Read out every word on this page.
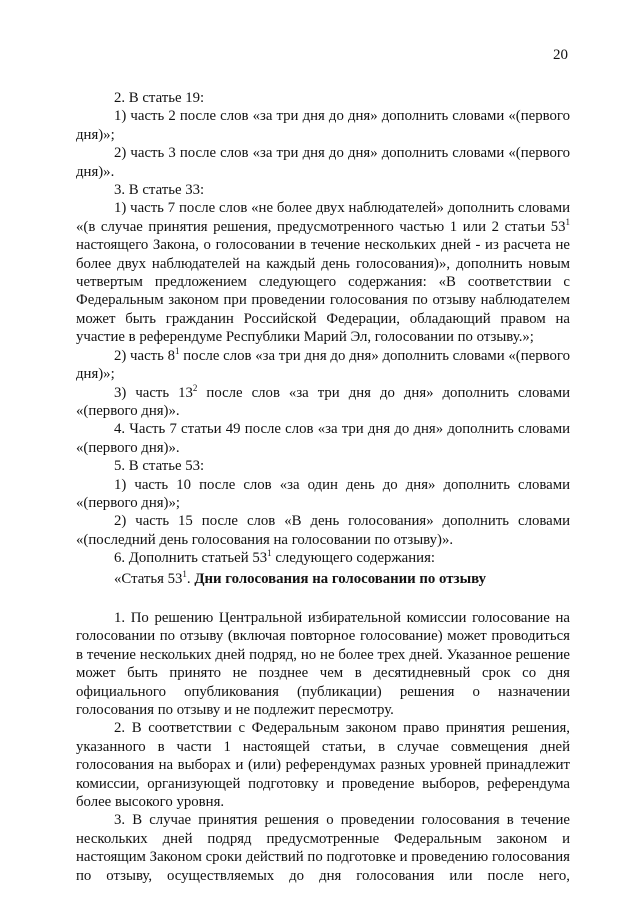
20
2. В статье 19:
1) часть 2 после слов «за три дня до дня» дополнить словами «(первого дня)»;
2) часть 3 после слов «за три дня до дня» дополнить словами «(первого дня)».
3. В статье 33:
1) часть 7 после слов «не более двух наблюдателей» дополнить словами «(в случае принятия решения, предусмотренного частью 1 или 2 статьи $53^1$ настоящего Закона, о голосовании в течение нескольких дней - из расчета не более двух наблюдателей на каждый день голосования)», дополнить новым четвертым предложением следующего содержания: «В соответствии с Федеральным законом при проведении голосования по отзыву наблюдателем может быть гражданин Российской Федерации, обладающий правом на участие в референдуме Республики Марий Эл, голосовании по отзыву.»;
2) часть $8^1$ после слов «за три дня до дня» дополнить словами «(первого дня)»;
3) часть $13^2$ после слов «за три дня до дня» дополнить словами «(первого дня)».
4. Часть 7 статьи 49 после слов «за три дня до дня» дополнить словами «(первого дня)».
5. В статье 53:
1) часть 10 после слов «за один день до дня» дополнить словами «(первого дня)»;
2) часть 15 после слов «В день голосования» дополнить словами «(последний день голосования на голосовании по отзыву)».
6. Дополнить статьей $53^1$ следующего содержания:
«Статья $53^1$. Дни голосования на голосовании по отзыву
1. По решению Центральной избирательной комиссии голосование на голосовании по отзыву (включая повторное голосование) может проводиться в течение нескольких дней подряд, но не более трех дней. Указанное решение может быть принято не позднее чем в десятидневный срок со дня официального опубликования (публикации) решения о назначении голосования по отзыву и не подлежит пересмотру.
2. В соответствии с Федеральным законом право принятия решения, указанного в части 1 настоящей статьи, в случае совмещения дней голосования на выборах и (или) референдумах разных уровней принадлежит комиссии, организующей подготовку и проведение выборов, референдума более высокого уровня.
3. В случае принятия решения о проведении голосования в течение нескольких дней подряд предусмотренные Федеральным законом и настоящим Законом сроки действий по подготовке и проведению голосования по отзыву, осуществляемых до дня голосования или после него,
